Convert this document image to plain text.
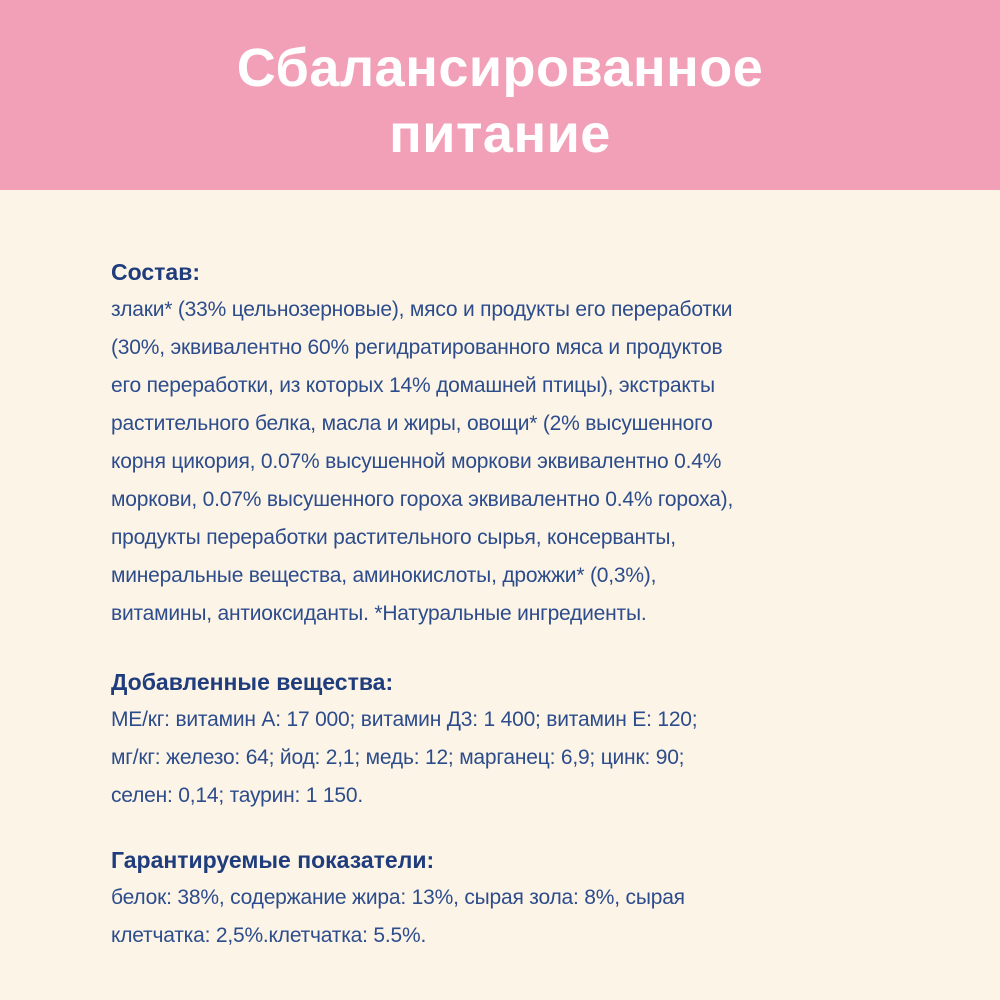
Сбалансированное
питание
Состав:
злаки* (33% цельнозерновые), мясо и продукты его переработки
(30%, эквивалентно 60% регидратированного мяса и продуктов
его переработки, из которых 14% домашней птицы), экстракты
растительного белка, масла и жиры, овощи* (2% высушенного
корня цикория, 0.07% высушенной моркови эквивалентно 0.4%
моркови, 0.07% высушенного гороха эквивалентно 0.4% гороха),
продукты переработки растительного сырья, консерванты,
минеральные вещества, аминокислоты, дрожжи* (0,3%),
витамины, антиоксиданты. *Натуральные ингредиенты.
Добавленные вещества:
МЕ/кг: витамин А: 17 000; витамин Д3: 1 400; витамин Е: 120;
мг/кг: железо: 64; йод: 2,1; медь: 12; марганец: 6,9; цинк: 90;
селен: 0,14; таурин: 1 150.
Гарантируемые показатели:
белок: 38%, содержание жира: 13%, сырая зола: 8%, сырая
клетчатка: 2,5%.клетчатка: 5.5%.
